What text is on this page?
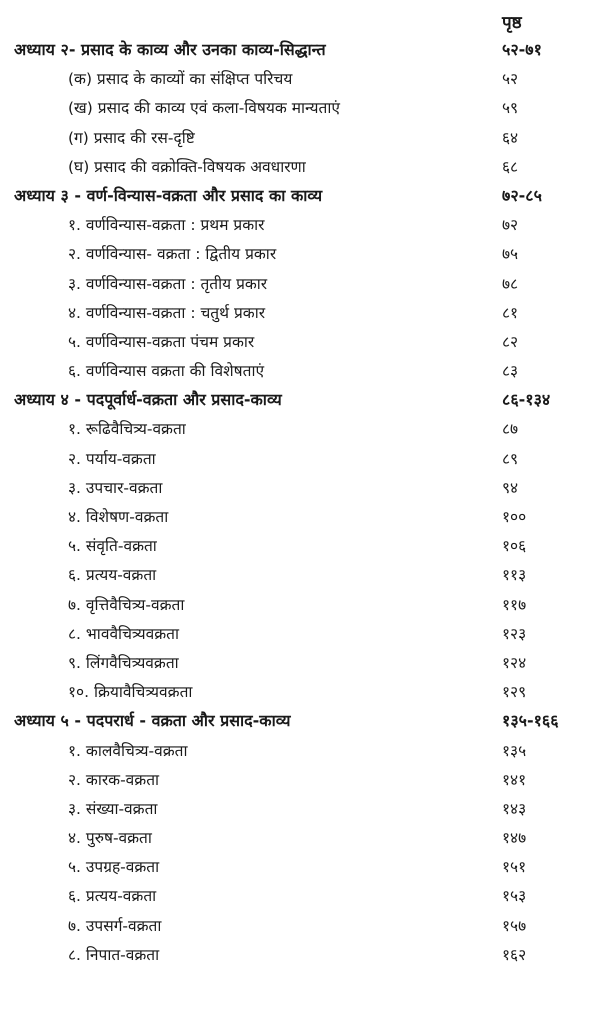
पृष्ठ
अध्याय २- प्रसाद के काव्य और उनका काव्य-सिद्धान्त	५२-७१
(क) प्रसाद के काव्यों का संक्षिप्त परिचय	५२
(ख) प्रसाद की काव्य एवं कला-विषयक मान्यताएं	५९
(ग) प्रसाद की रस-दृष्टि	६४
(घ) प्रसाद की वक्रोक्ति-विषयक अवधारणा	६८
अध्याय ३ - वर्ण-विन्यास-वक्रता और प्रसाद का काव्य	७२-८५
१. वर्णविन्यास-वक्रता : प्रथम प्रकार	७२
२. वर्णविन्यास- वक्रता : द्वितीय प्रकार	७५
३. वर्णविन्यास-वक्रता : तृतीय प्रकार	७८
४. वर्णविन्यास-वक्रता : चतुर्थ प्रकार	८१
५. वर्णविन्यास-वक्रता पंचम प्रकार	८२
६. वर्णविन्यास वक्रता की विशेषताएं	८३
अध्याय ४ - पदपूर्वार्ध-वक्रता और प्रसाद-काव्य	८६-१३४
१. रूढिवैचित्र्य-वक्रता	८७
२. पर्याय-वक्रता	८९
३. उपचार-वक्रता	९४
४. विशेषण-वक्रता	१००
५. संवृति-वक्रता	१०६
६. प्रत्यय-वक्रता	११३
७. वृत्तिवैचित्र्य-वक्रता	११७
८. भाववैचित्र्यवक्रता	१२३
९. लिंगवैचित्र्यवक्रता	१२४
१०. क्रियावैचित्र्यवक्रता	१२९
अध्याय ५ - पदपरार्ध - वक्रता और प्रसाद-काव्य	१३५-१६६
१. कालवैचित्र्य-वक्रता	१३५
२. कारक-वक्रता	१४१
३. संख्या-वक्रता	१४३
४. पुरुष-वक्रता	१४७
५. उपग्रह-वक्रता	१५१
६. प्रत्यय-वक्रता	१५३
७. उपसर्ग-वक्रता	१५७
८. निपात-वक्रता	१६२
